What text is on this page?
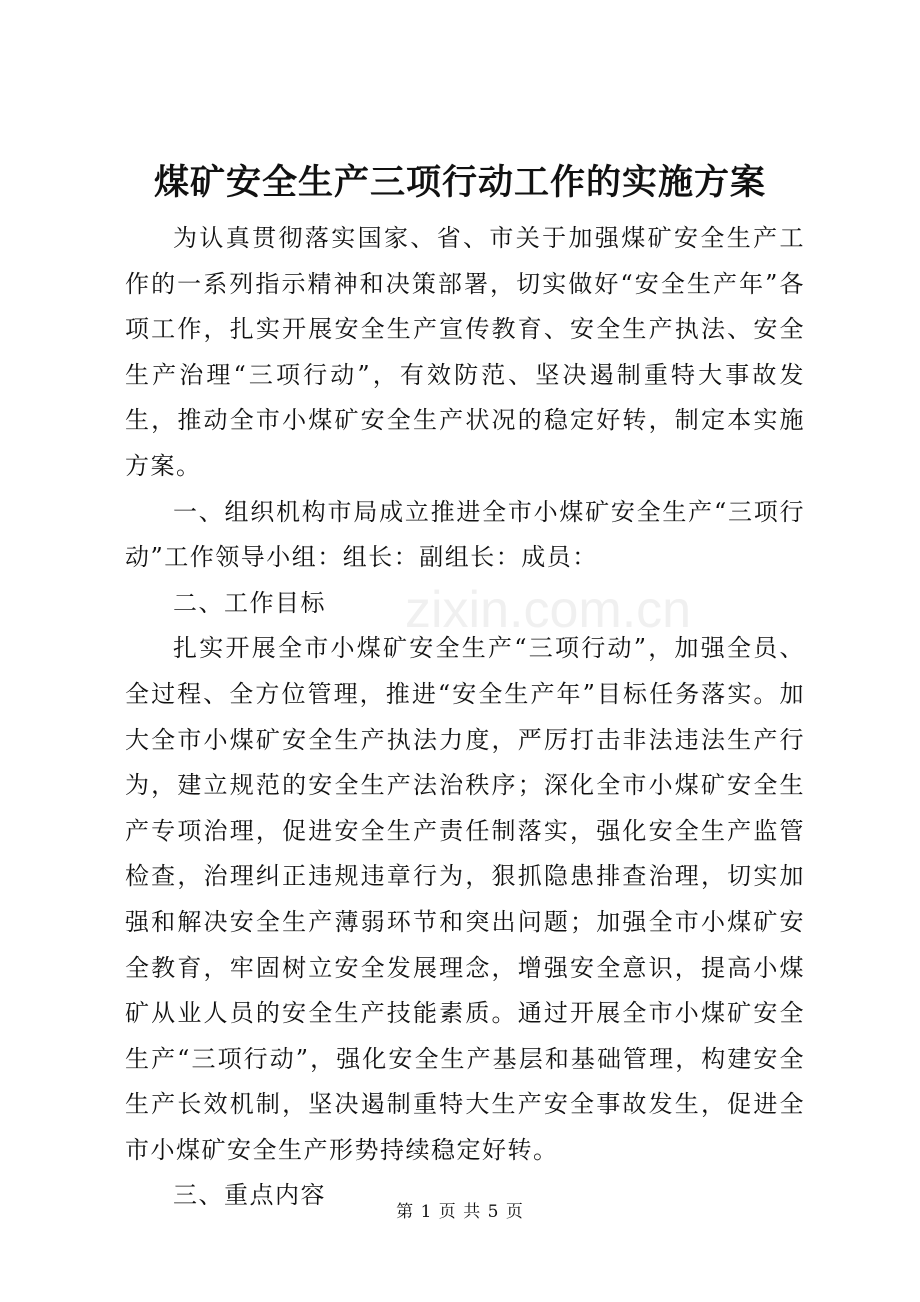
zixin.com.cn
煤矿安全生产三项行动工作的实施方案

为认真贯彻落实国家、省、市关于加强煤矿安全生产工作的一系列指示精神和决策部署，切实做好“安全生产年”各项工作，扎实开展安全生产宣传教育、安全生产执法、安全生产治理“三项行动”，有效防范、坚决遏制重特大事故发生，推动全市小煤矿安全生产状况的稳定好转，制定本实施方案。

一、组织机构市局成立推进全市小煤矿安全生产“三项行动”工作领导小组：组长：副组长：成员：

二、工作目标

扎实开展全市小煤矿安全生产“三项行动”，加强全员、全过程、全方位管理，推进“安全生产年”目标任务落实。加大全市小煤矿安全生产执法力度，严厉打击非法违法生产行为，建立规范的安全生产法治秩序；深化全市小煤矿安全生产专项治理，促进安全生产责任制落实，强化安全生产监管检查，治理纠正违规违章行为，狠抓隐患排查治理，切实加强和解决安全生产薄弱环节和突出问题；加强全市小煤矿安全教育，牢固树立安全发展理念，增强安全意识，提高小煤矿从业人员的安全生产技能素质。通过开展全市小煤矿安全生产“三项行动”，强化安全生产基层和基础管理，构建安全生产长效机制，坚决遏制重特大生产安全事故发生，促进全市小煤矿安全生产形势持续稳定好转。

三、重点内容

第 1 页 共 5 页
